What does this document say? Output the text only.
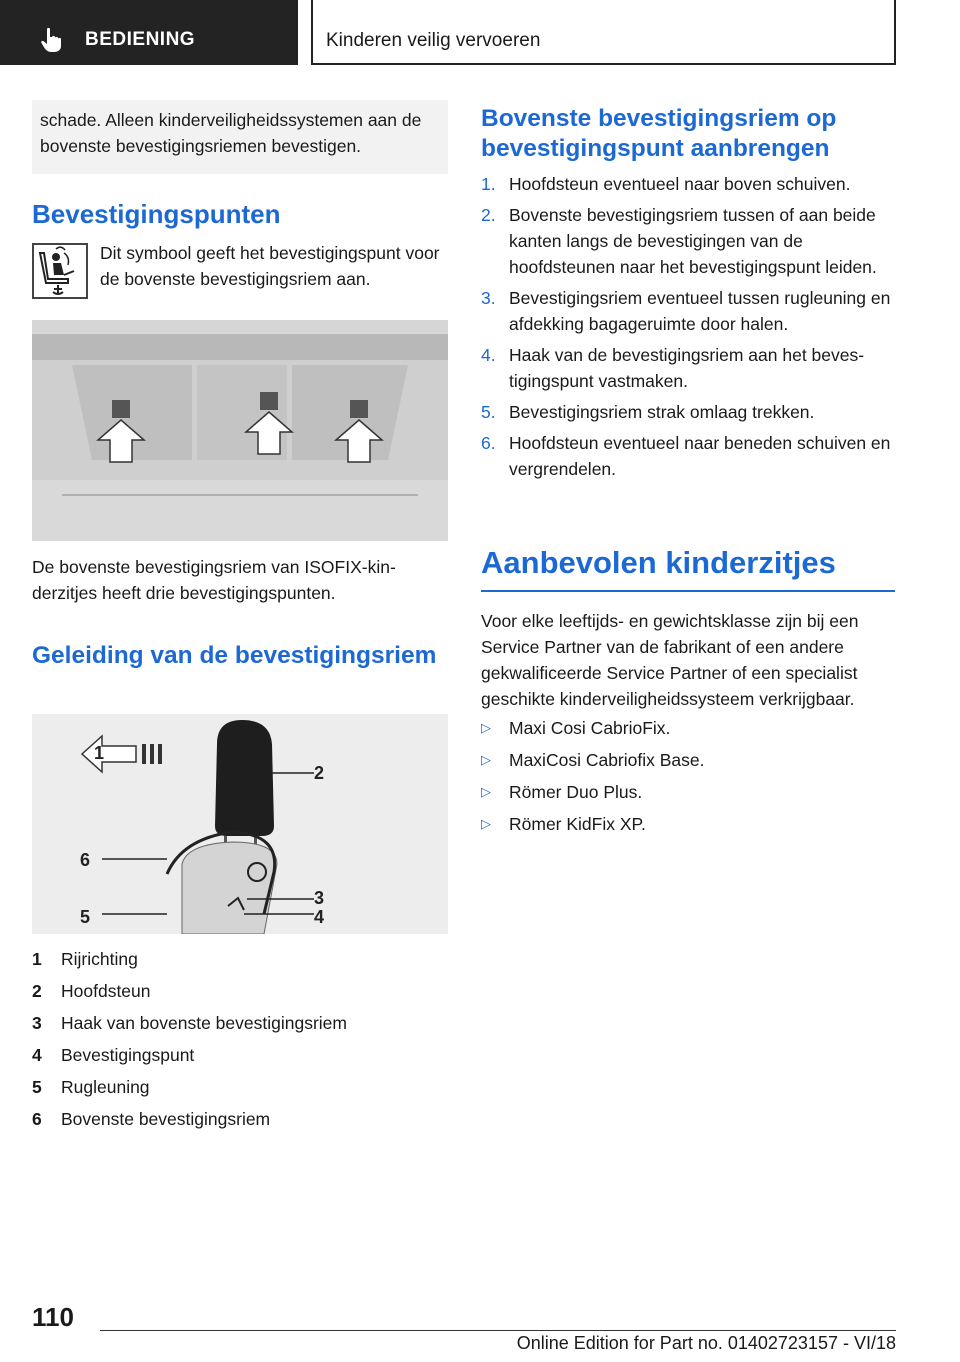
BEDIENING	Kinderen veilig vervoeren
schade. Alleen kinderveiligheidssystemen aan de bovenste bevestigingsriemen bevestigen.
Bevestigingspunten

Dit symbool geeft het bevestigingspunt voor de bovenste bevestigingsriem aan.

De bovenste bevestigingsriem van ISOFIX-kinderzitjes heeft drie bevestigingspunten.

Geleiding van de bevestigingsriem
1
2
6
3
4
5
1	Rijrichting
2	Hoofdsteun
3	Haak van bovenste bevestigingsriem
4	Bevestigingspunt
5	Rugleuning
6	Bovenste bevestigingsriem
Bovenste bevestigingsriem op bevestigingspunt aanbrengen
1. Hoofdsteun eventueel naar boven schuiven.
2. Bovenste bevestigingsriem tussen of aan beide kanten langs de bevestigingen van de hoofdsteunen naar het bevestigingspunt leiden.
3. Bevestigingsriem eventueel tussen rugleuning en afdekking bagageruimte door halen.
4. Haak van de bevestigingsriem aan het bevestigingspunt vastmaken.
5. Bevestigingsriem strak omlaag trekken.
6. Hoofdsteun eventueel naar beneden schuiven en vergrendelen.
Aanbevolen kinderzitjes

Voor elke leeftijds- en gewichtsklasse zijn bij een Service Partner van de fabrikant of een andere gekwalificeerde Service Partner of een specialist geschikte kinderveiligheidssysteem verkrijgbaar.

▷	Maxi Cosi CabrioFix.
▷	MaxiCosi Cabriofix Base.
▷	Römer Duo Plus.
▷	Römer KidFix XP.
110
Online Edition for Part no. 01402723157 - VI/18
